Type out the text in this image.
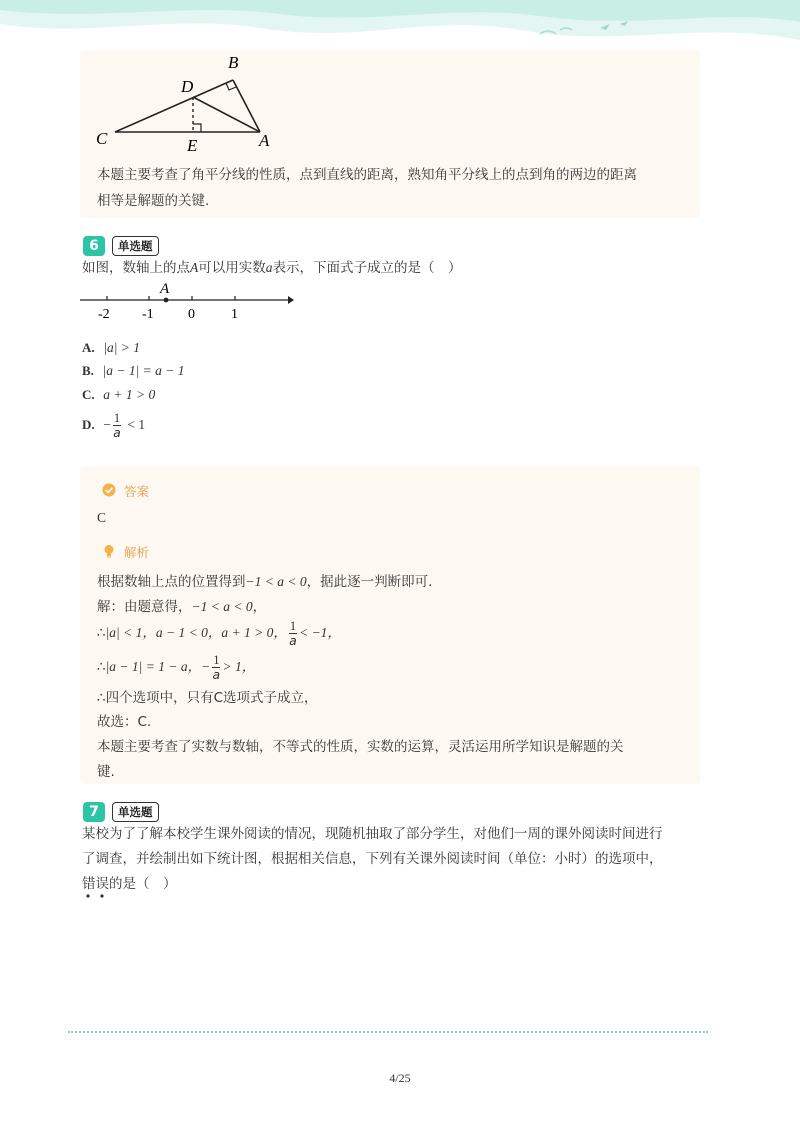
B
D
C	E	A
本题主要考查了角平分线的性质，点到直线的距离，熟知角平分线上的点到角的两边的距离
相等是解题的关键.
6	单选题
如图，数轴上的点A可以用实数a表示，下面式子成立的是（　）
A
-2 -1 0	1
A. |a| > 1
B. |a − 1| = a − 1
C. a + 1 > 0
D. − $\frac{1}{a} < 1$
答案
C
解析
根据数轴上点的位置得到−1 < a < 0，据此逐一判断即可.
解：由题意得，−1 < a < 0，
∴|a| < 1，a − 1 < 0，a + 1 > 0， $\frac{1}{a} < -1$，
∴|a − 1| = 1 − a，− $\frac{1}{a} > 1$，
∴四个选项中，只有C选项式子成立，
故选：C.
本题主要考查了实数与数轴，不等式的性质，实数的运算，灵活运用所学知识是解题的关
键.
7	单选题
某校为了了解本校学生课外阅读的情况，现随机抽取了部分学生，对他们一周的课外阅读时间进行
了调查，并绘制出如下统计图，根据相关信息，下列有关课外阅读时间（单位：小时）的选项中，
错误的是（　）
4/25
